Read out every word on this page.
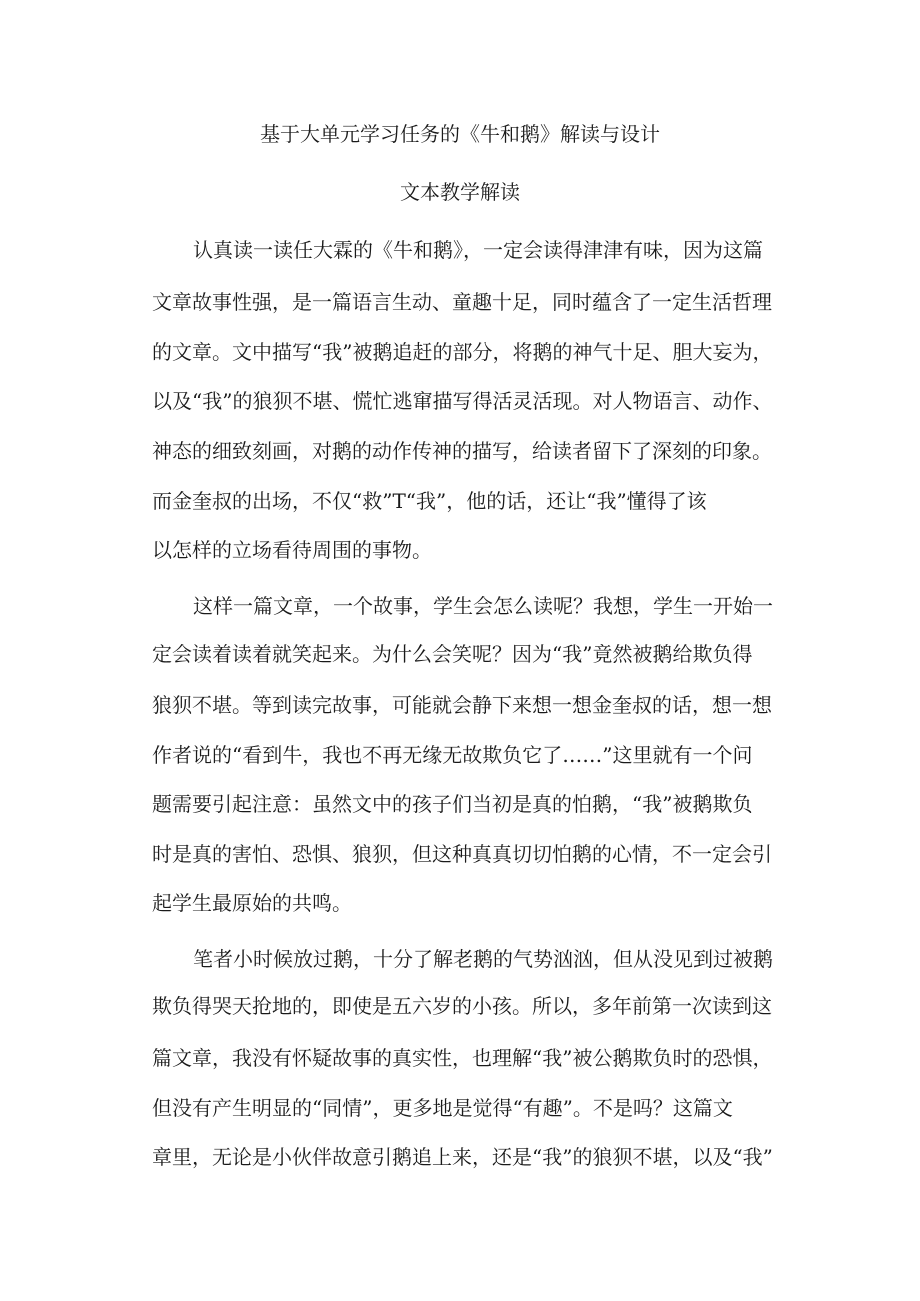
基于大单元学习任务的《牛和鹅》解读与设计
文本教学解读
认真读一读任大霖的《牛和鹅》，一定会读得津津有味，因为这篇
文章故事性强，是一篇语言生动、童趣十足，同时蕴含了一定生活哲理
的文章。文中描写“我”被鹅追赶的部分，将鹅的神气十足、胆大妄为，
以及“我”的狼狈不堪、慌忙逃窜描写得活灵活现。对人物语言、动作、
神态的细致刻画，对鹅的动作传神的描写，给读者留下了深刻的印象。
而金奎叔的出场，不仅“救”T“我”，他的话，还让“我”懂得了该
以怎样的立场看待周围的事物。
这样一篇文章，一个故事，学生会怎么读呢？我想，学生一开始一
定会读着读着就笑起来。为什么会笑呢？因为“我”竟然被鹅给欺负得
狼狈不堪。等到读完故事，可能就会静下来想一想金奎叔的话，想一想
作者说的“看到牛，我也不再无缘无故欺负它了……”这里就有一个问
题需要引起注意：虽然文中的孩子们当初是真的怕鹅，“我”被鹅欺负
时是真的害怕、恐惧、狼狈，但这种真真切切怕鹅的心情，不一定会引
起学生最原始的共鸣。
笔者小时候放过鹅，十分了解老鹅的气势汹汹，但从没见到过被鹅
欺负得哭天抢地的，即使是五六岁的小孩。所以，多年前第一次读到这
篇文章，我没有怀疑故事的真实性，也理解“我”被公鹅欺负时的恐惧，
但没有产生明显的“同情”，更多地是觉得“有趣”。不是吗？这篇文
章里，无论是小伙伴故意引鹅追上来，还是“我”的狼狈不堪，以及“我”
